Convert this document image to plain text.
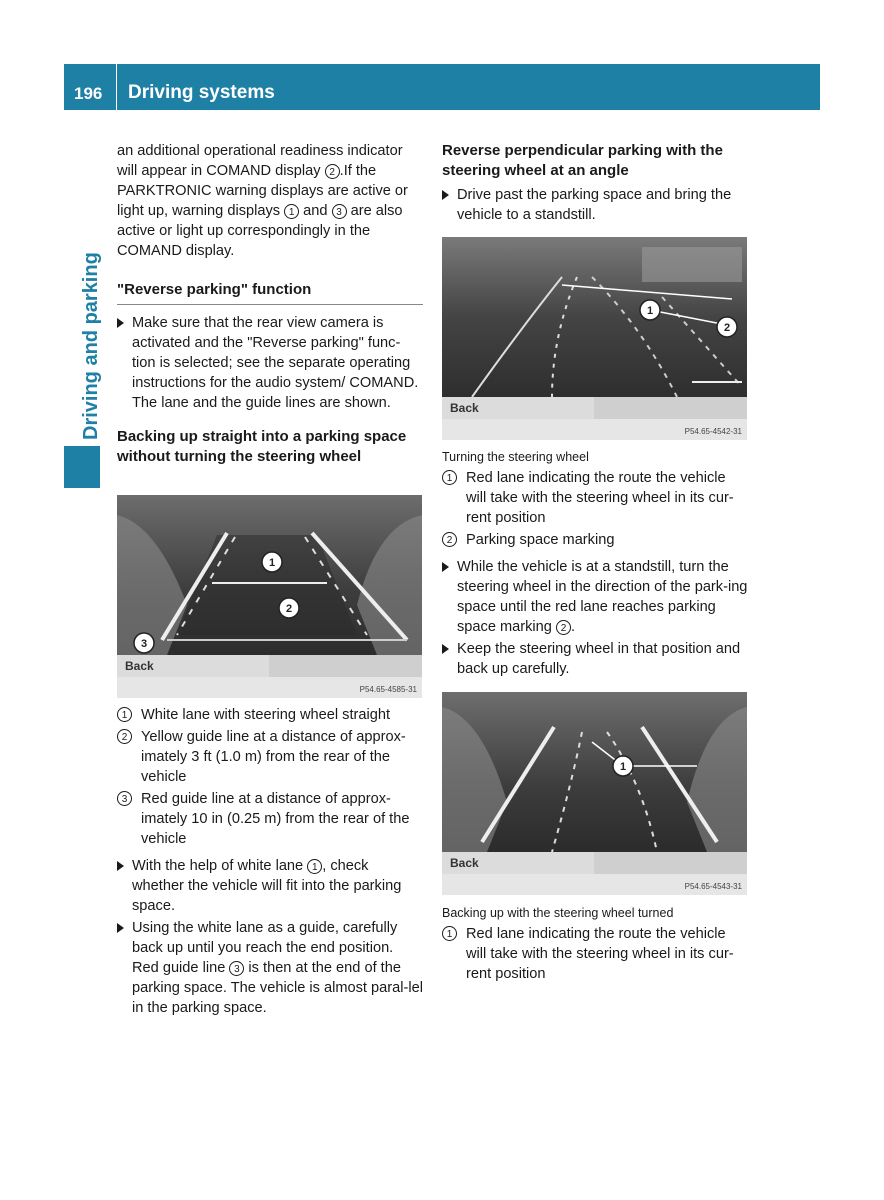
196 Driving systems
Driving and parking

an additional operational readiness indicator will appear in COMAND display 2 .If the PARKTRONIC warning displays are active or light up, warning displays 1 and 3 are also active or light up correspondingly in the COMAND display.

"Reverse parking" function

Make sure that the rear view camera is activated and the "Reverse parking" func-tion is selected; see the separate operating instructions for the audio system/ COMAND.

The lane and the guide lines are shown.

Backing up straight into a parking space without turning the steering wheel

1
2
3
Back
P54.65-4585-31
1 White lane with steering wheel straight

2 Yellow guide line at a distance of approx-imately 3 ft (1.0 m) from the rear of the vehicle

3 Red guide line at a distance of approx-imately 10 in (0.25 m) from the rear of the vehicle

With the help of white lane 1 , check whether the vehicle will fit into the parking space.

Using the white lane as a guide, carefully back up until you reach the end position. Red guide line 3 is then at the end of the parking space. The vehicle is almost paral-lel in the parking space.

Reverse perpendicular parking with the steering wheel at an angle

Drive past the parking space and bring the vehicle to a standstill.

1
2
Back
P54.65-4542-31

Turning the steering wheel

1 Red lane indicating the route the vehicle will take with the steering wheel in its cur-rent position

2 Parking space marking

While the vehicle is at a standstill, turn the steering wheel in the direction of the park-ing space until the red lane reaches parking space marking 2 .

Keep the steering wheel in that position and back up carefully.

1
Back
P54.65-4543-31

Backing up with the steering wheel turned

1 Red lane indicating the route the vehicle will take with the steering wheel in its cur-rent position
